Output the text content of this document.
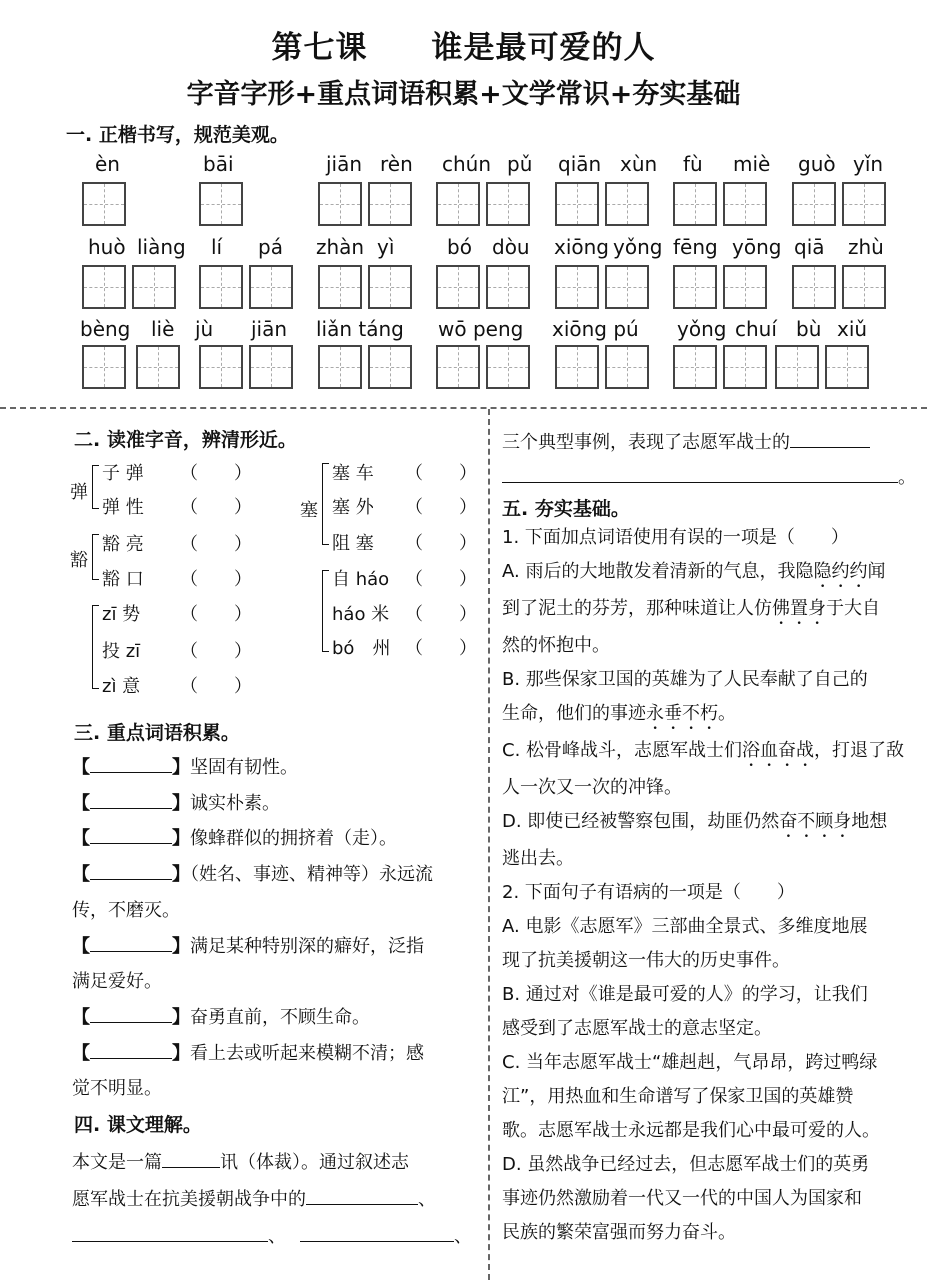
第七课　　谁是最可爱的人
字音字形+重点词语积累+文学常识+夯实基础
一. 正楷书写，规范美观。
èn	bāi	jiān rèn chún pǔ qiān xùn fù miè guò yǐn
huò liàng lí pá zhàn yì	bó dòu xiōng yǒng fēng yōng qiā zhù
bèng liè jù jiān liǎn táng wō peng xiōng pú yǒng chuí bù xiǔ
二. 读准字音，辨清形近。
弹
豁
塞
子 弹 （　　）
弹 性 （　　）
豁 亮 （　　）
豁 口 （　　）
zī 势 （　　）
投 zī （　　）
zì 意 （　　）
塞 车 （　　）
塞 外 （　　）
阻 塞 （　　）
自 háo （　　）
háo 米 （　　）
bó　州 （　　）
三. 重点词语积累。
【	】坚固有韧性。
【	】诚实朴素。
【	】像蜂群似的拥挤着（走）。
【	】（姓名、事迹、精神等）永远流
传，不磨灭。
【	】满足某种特别深的癖好，泛指
满足爱好。
【	】奋勇直前，不顾生命。
【	】看上去或听起来模糊不清；感
觉不明显。
四. 课文理解。
本文是一篇	讯（体裁）。通过叙述志
愿军战士在抗美援朝战争中的	、
、	、
三个典型事例，表现了志愿军战士的
。
五. 夯实基础。
1. 下面加点词语使用有误的一项是（　　）
A. 雨后的大地散发着清新的气息，我隐隐约约闻
到了泥土的芬芳，那种味道让人仿佛置身于大自
然的怀抱中。
B. 那些保家卫国的英雄为了人民奉献了自己的
生命，他们的事迹永垂不朽。
C. 松骨峰战斗，志愿军战士们浴血奋战，打退了敌
人一次又一次的冲锋。
D. 即使已经被警察包围，劫匪仍然奋不顾身地想
逃出去。
2. 下面句子有语病的一项是（　　）
A. 电影《志愿军》三部曲全景式、多维度地展
现了抗美援朝这一伟大的历史事件。
B. 通过对《谁是最可爱的人》的学习，让我们
感受到了志愿军战士的意志坚定。
C. 当年志愿军战士“雄赳赳，气昂昂，跨过鸭绿
江”，用热血和生命谱写了保家卫国的英雄赞
歌。志愿军战士永远都是我们心中最可爱的人。
D. 虽然战争已经过去，但志愿军战士们的英勇
事迹仍然激励着一代又一代的中国人为国家和
民族的繁荣富强而努力奋斗。
